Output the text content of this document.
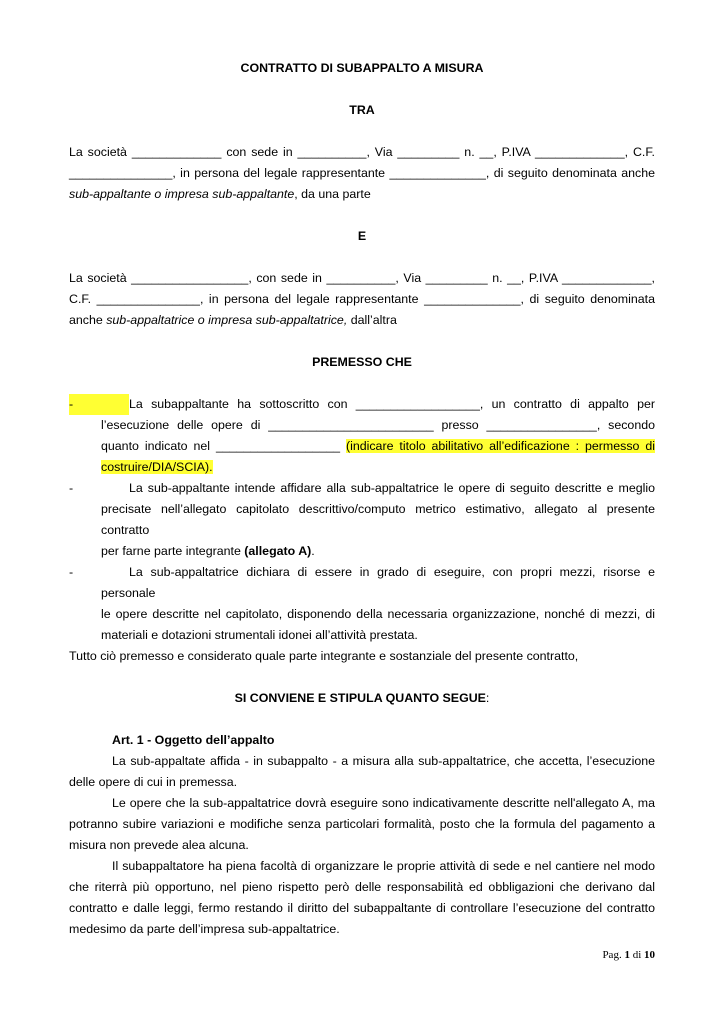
CONTRATTO DI SUBAPPALTO A MISURA

TRA

La società _____________ con sede in __________, Via _________ n. __, P.IVA _____________, C.F.

_______________, in persona del legale rappresentante ______________, di seguito denominata anche

sub-appaltante o impresa sub-appaltante, da una parte

E

La società _________________, con sede in __________, Via _________ n. __, P.IVA _____________,

C.F. _______________, in persona del legale rappresentante ______________, di seguito denominata

anche sub-appaltatrice o impresa sub-appaltatrice, dall’altra

PREMESSO CHE

-	La subappaltante ha sottoscritto con __________________, un contratto di appalto per

l’esecuzione delle opere di ________________________ presso ________________, secondo

quanto indicato nel __________________ (indicare titolo abilitativo all’edificazione : permesso di

costruire/DIA/SCIA).

-	La sub-appaltante intende affidare alla sub-appaltatrice le opere di seguito descritte e meglio

precisate nell’allegato capitolato descrittivo/computo metrico estimativo, allegato al presente contratto

per farne parte integrante (allegato A).

-	La sub-appaltatrice dichiara di essere in grado di eseguire, con propri mezzi, risorse e personale

le opere descritte nel capitolato, disponendo della necessaria organizzazione, nonché di mezzi, di

materiali e dotazioni strumentali idonei all’attività prestata.

Tutto ciò premesso e considerato quale parte integrante e sostanziale del presente contratto,

SI CONVIENE E STIPULA QUANTO SEGUE:

Art. 1 - Oggetto dell’appalto

La sub-appaltate affida - in subappalto - a misura alla sub-appaltatrice, che accetta, l’esecuzione

delle opere di cui in premessa.

Le opere che la sub-appaltatrice dovrà eseguire sono indicativamente descritte nell'allegato A, ma

potranno subire variazioni e modifiche senza particolari formalità, posto che la formula del pagamento a

misura non prevede alea alcuna.

Il subappaltatore ha piena facoltà di organizzare le proprie attività di sede e nel cantiere nel modo

che riterrà più opportuno, nel pieno rispetto però delle responsabilità ed obbligazioni che derivano dal

contratto e dalle leggi, fermo restando il diritto del subappaltante di controllare l’esecuzione del contratto

medesimo da parte dell’impresa sub-appaltatrice.

Pag. 1 di 10
